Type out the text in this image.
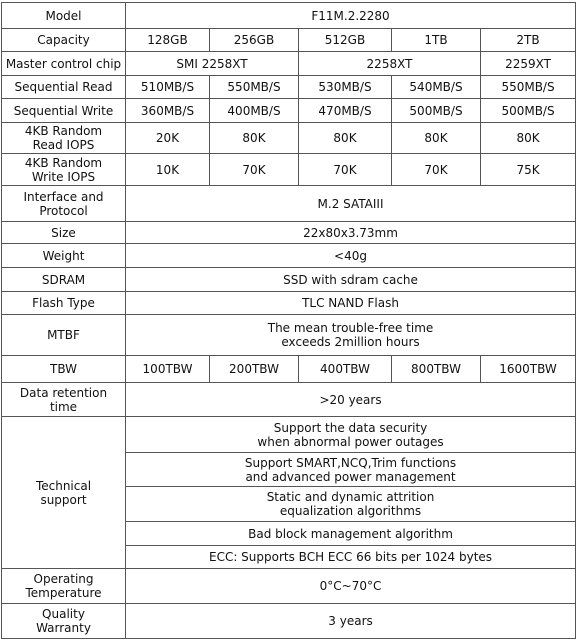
Model	F11M.2.2280				
Capacity	128GB	256GB	512GB	1TB	2TB
Master control chip	SMI 2258XT		2258XT		2259XT
Sequential Read	510MB/S	550MB/S	530MB/S	540MB/S	550MB/S
Sequential Write	360MB/S	400MB/S	470MB/S	500MB/S	500MB/S
4KB Random
Read IOPS	20K	80K	80K	80K	80K
4KB Random
Write IOPS	10K	70K	70K	70K	75K
Interface and
Protocol	M.2 SATAIII				
Size	22x80x3.73mm				
Weight	<40g				
SDRAM	SSD with sdram cache				
Flash Type	TLC NAND Flash				
MTBF	The mean trouble-free time
exceeds 2million hours				
TBW	100TBW	200TBW	400TBW	800TBW	1600TBW
Data retention
time	>20 years				
Technical
support	Support the data security
when abnormal power outages				
	Support SMART,NCQ,Trim functions
and advanced power management				
	Static and dynamic attrition
equalization algorithms				
	Bad block management algorithm				
	ECC: Supports BCH ECC 66 bits per 1024 bytes				
Operating
Temperature	0°C~70°C				
Quality
Warranty	3 years				
